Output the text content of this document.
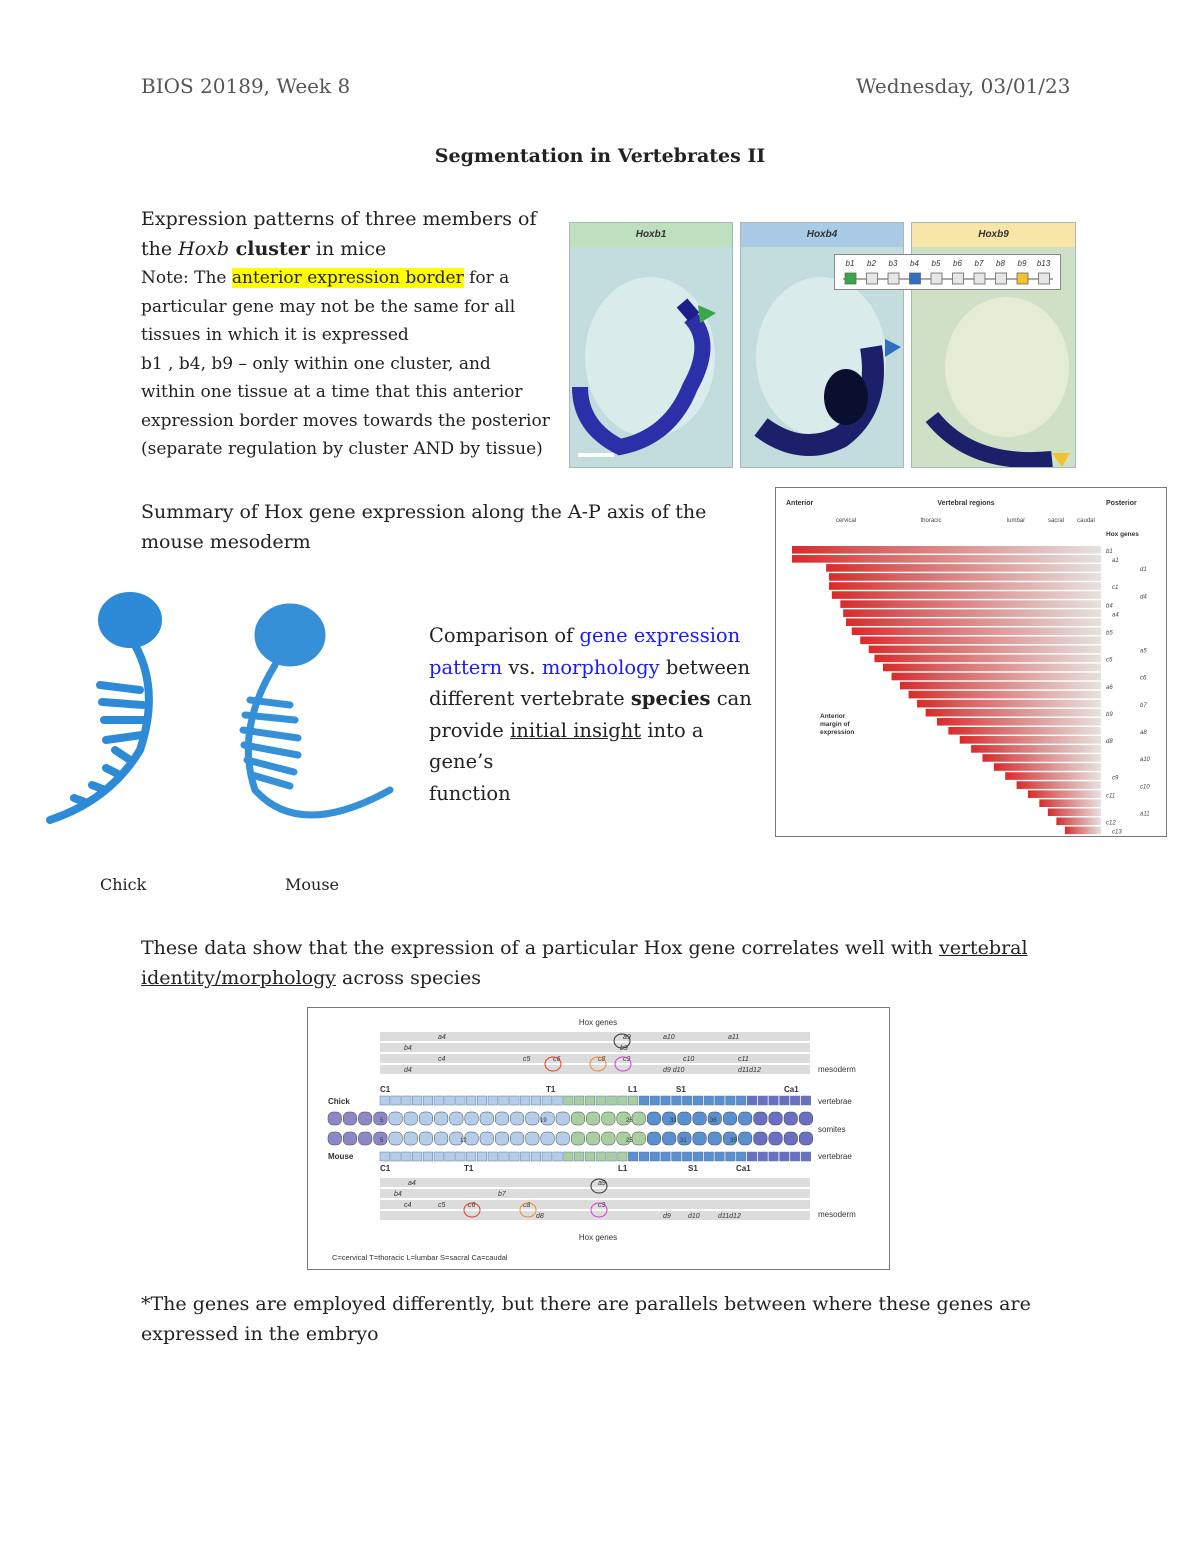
BIOS 20189, Week 8	Wednesday, 03/01/23
Segmentation in Vertebrates II
Expression patterns of three members of
the Hoxb cluster in mice
Note: The anterior expression border for a
particular gene may not be the same for all
tissues in which it is expressed
b1 , b4, b9 – only within one cluster, and
within one tissue at a time that this anterior
expression border moves towards the posterior
(separate regulation by cluster AND by tissue)
Hoxb1	Hoxb4	Hoxb9
b1 b2 b3 b4 b5 b6 b7 b8 b9 b13
Summary of Hox gene expression along the A-P axis of the
mouse mesoderm
Anterior	Vertebral regions	Posterior
cervical	thoracic	lumbar	sacral caudal
Hox genes
b1
a1
d1
c1
d4
b4
a4
b5
a5
c5
c6
a6
b7
b9
a8
d8
a10
c9
c10
c11
a11
c12
c13
Anterior
margin of
expression
Chick	Mouse
Comparison of gene expression
pattern vs. morphology between
different vertebrate species can
provide initial insight into a gene’s
function
These data show that the expression of a particular Hox gene correlates well with vertebral
identity/morphology across species
Hox genes
Hox genes
mesoderm
mesoderm
a4	a9	a10	a11
b4	b9
c4	c5	c6	c8	c9	c10	c11
d4	d9 d10	d11d12
a4	a9
b4	b7
c4	c5	c6	c8	c9
d8	d9 d10	d11d12
C1	T1	L1	S1	Ca1
C1	T1	L1	S1	Ca1
Chick
Mouse
vertebrae
somites
vertebrae
5	19	26	31	36
5	12	25	31	35
C=cervical T=thoracic L=lumbar S=sacral Ca=caudal
*The genes are employed differently, but there are parallels between where these genes are
expressed in the embryo
